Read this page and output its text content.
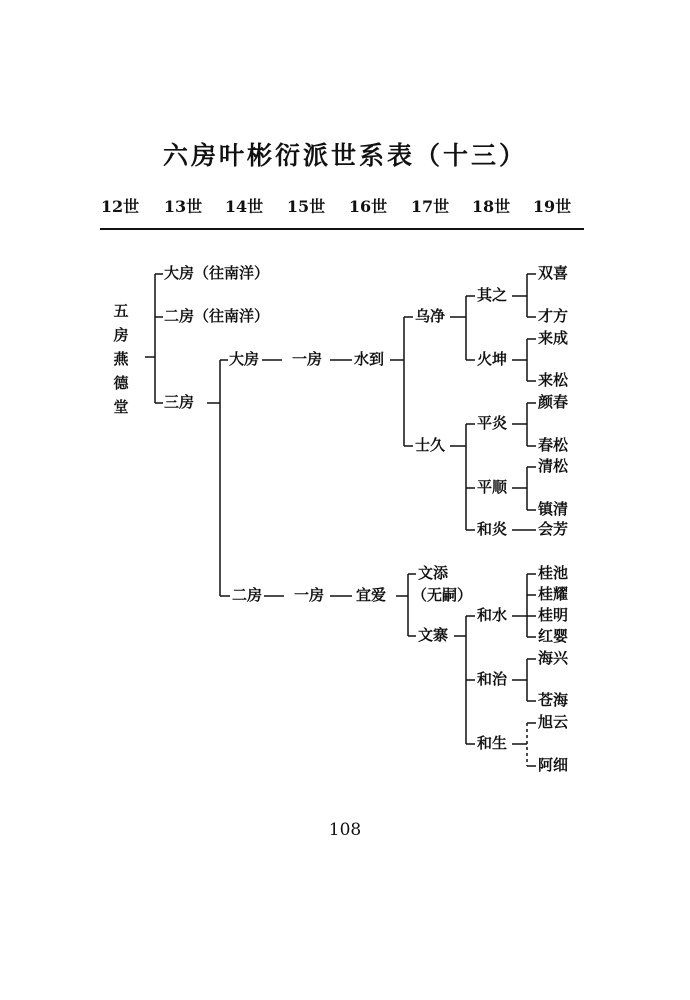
六房叶彬衍派世系表（十三）
12世	13世	14世	15世	16世	17世	18世	19世
五
房
燕
德
堂
大房（往南洋）
二房（往南洋）
三房
大房 一房 水到
乌净
士久
其之
火坤
平炎
平顺
和炎
双喜
才方
来成
来松
颜春
春松
清松
镇清
会芳
二房 一房 宜爱
文添
（无嗣）
文寨
和水
和治
和生
桂池
桂耀
桂明
红婴
海兴
苍海
旭云
阿细
108
